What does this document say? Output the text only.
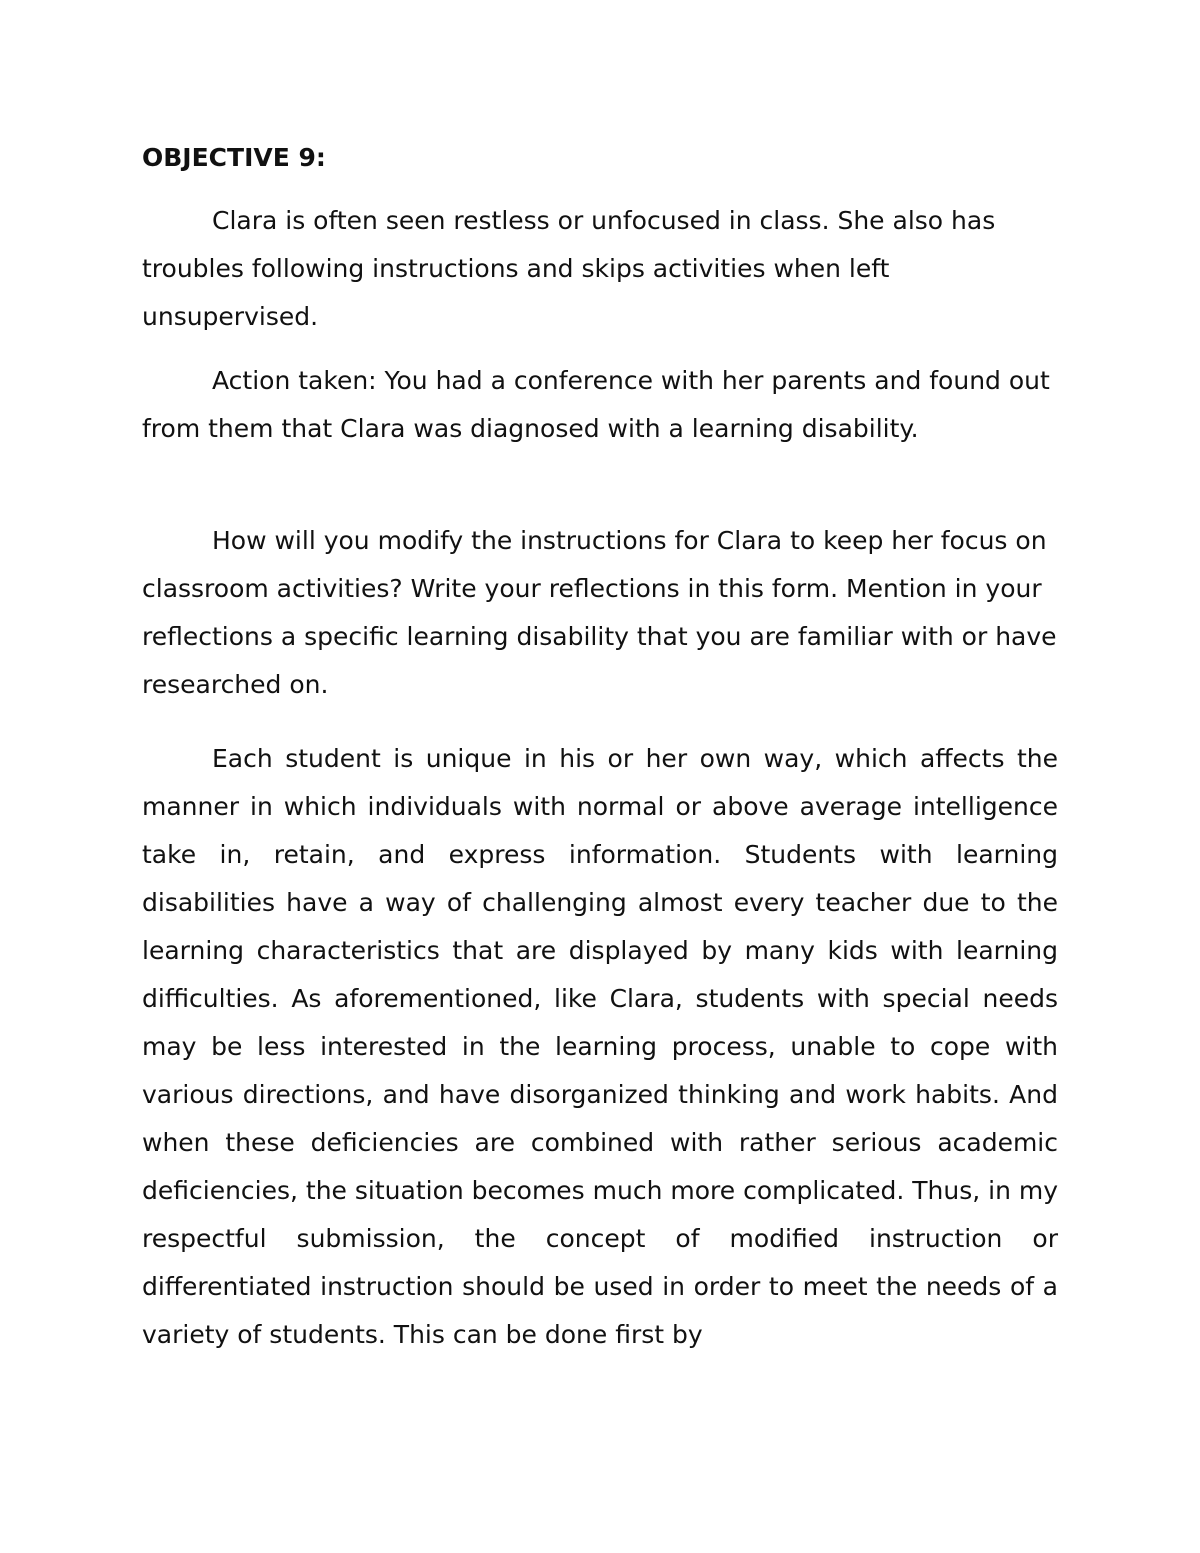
OBJECTIVE 9:

Clara is often seen restless or unfocused in class. She also has troubles following instructions and skips activities when left unsupervised.

Action taken: You had a conference with her parents and found out from them that Clara was diagnosed with a learning disability.

How will you modify the instructions for Clara to keep her focus on classroom activities? Write your reflections in this form. Mention in your reflections a specific learning disability that you are familiar with or have researched on.

Each student is unique in his or her own way, which affects the manner in which individuals with normal or above average intelligence take in, retain, and express information. Students with learning disabilities have a way of challenging almost every teacher due to the learning characteristics that are displayed by many kids with learning difficulties. As aforementioned, like Clara, students with special needs may be less interested in the learning process, unable to cope with various directions, and have disorganized thinking and work habits. And when these deficiencies are combined with rather serious academic deficiencies, the situation becomes much more complicated. Thus, in my respectful submission, the concept of modified instruction or differentiated instruction should be used in order to meet the needs of a variety of students. This can be done first by
